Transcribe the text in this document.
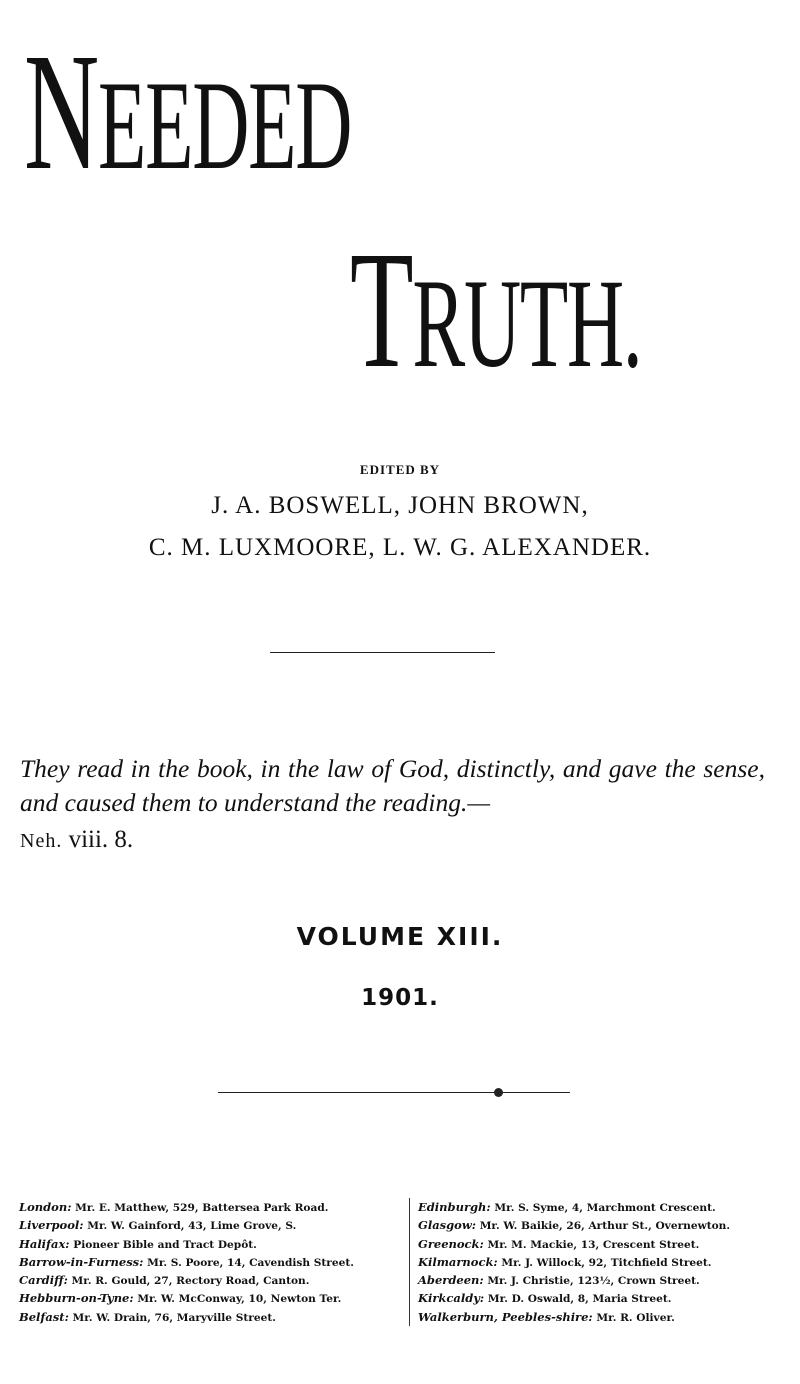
NEEDED
TRUTH.
EDITED BY
J. A. BOSWELL, JOHN BROWN,
C. M. LUXMOORE, L. W. G. ALEXANDER.
They read in the book, in the law of God, distinctly, and gave the sense, and caused them to understand the reading.—
Neh. viii. 8.
VOLUME XIII.
1901.
London: Mr. E. Matthew, 529, Battersea Park Road.
Liverpool: Mr. W. Gainford, 43, Lime Grove, S.
Halifax: Pioneer Bible and Tract Depôt.
Barrow-in-Furness: Mr. S. Poore, 14, Cavendish Street.
Cardiff: Mr. R. Gould, 27, Rectory Road, Canton.
Hebburn-on-Tyne: Mr. W. McConway, 10, Newton Ter.
Belfast: Mr. W. Drain, 76, Maryville Street.
Edinburgh: Mr. S. Syme, 4, Marchmont Crescent.
Glasgow: Mr. W. Baikie, 26, Arthur St., Overnewton.
Greenock: Mr. M. Mackie, 13, Crescent Street.
Kilmarnock: Mr. J. Willock, 92, Titchfield Street.
Aberdeen: Mr. J. Christie, 123½, Crown Street.
Kirkcaldy: Mr. D. Oswald, 8, Maria Street.
Walkerburn, Peebles-shire: Mr. R. Oliver.
